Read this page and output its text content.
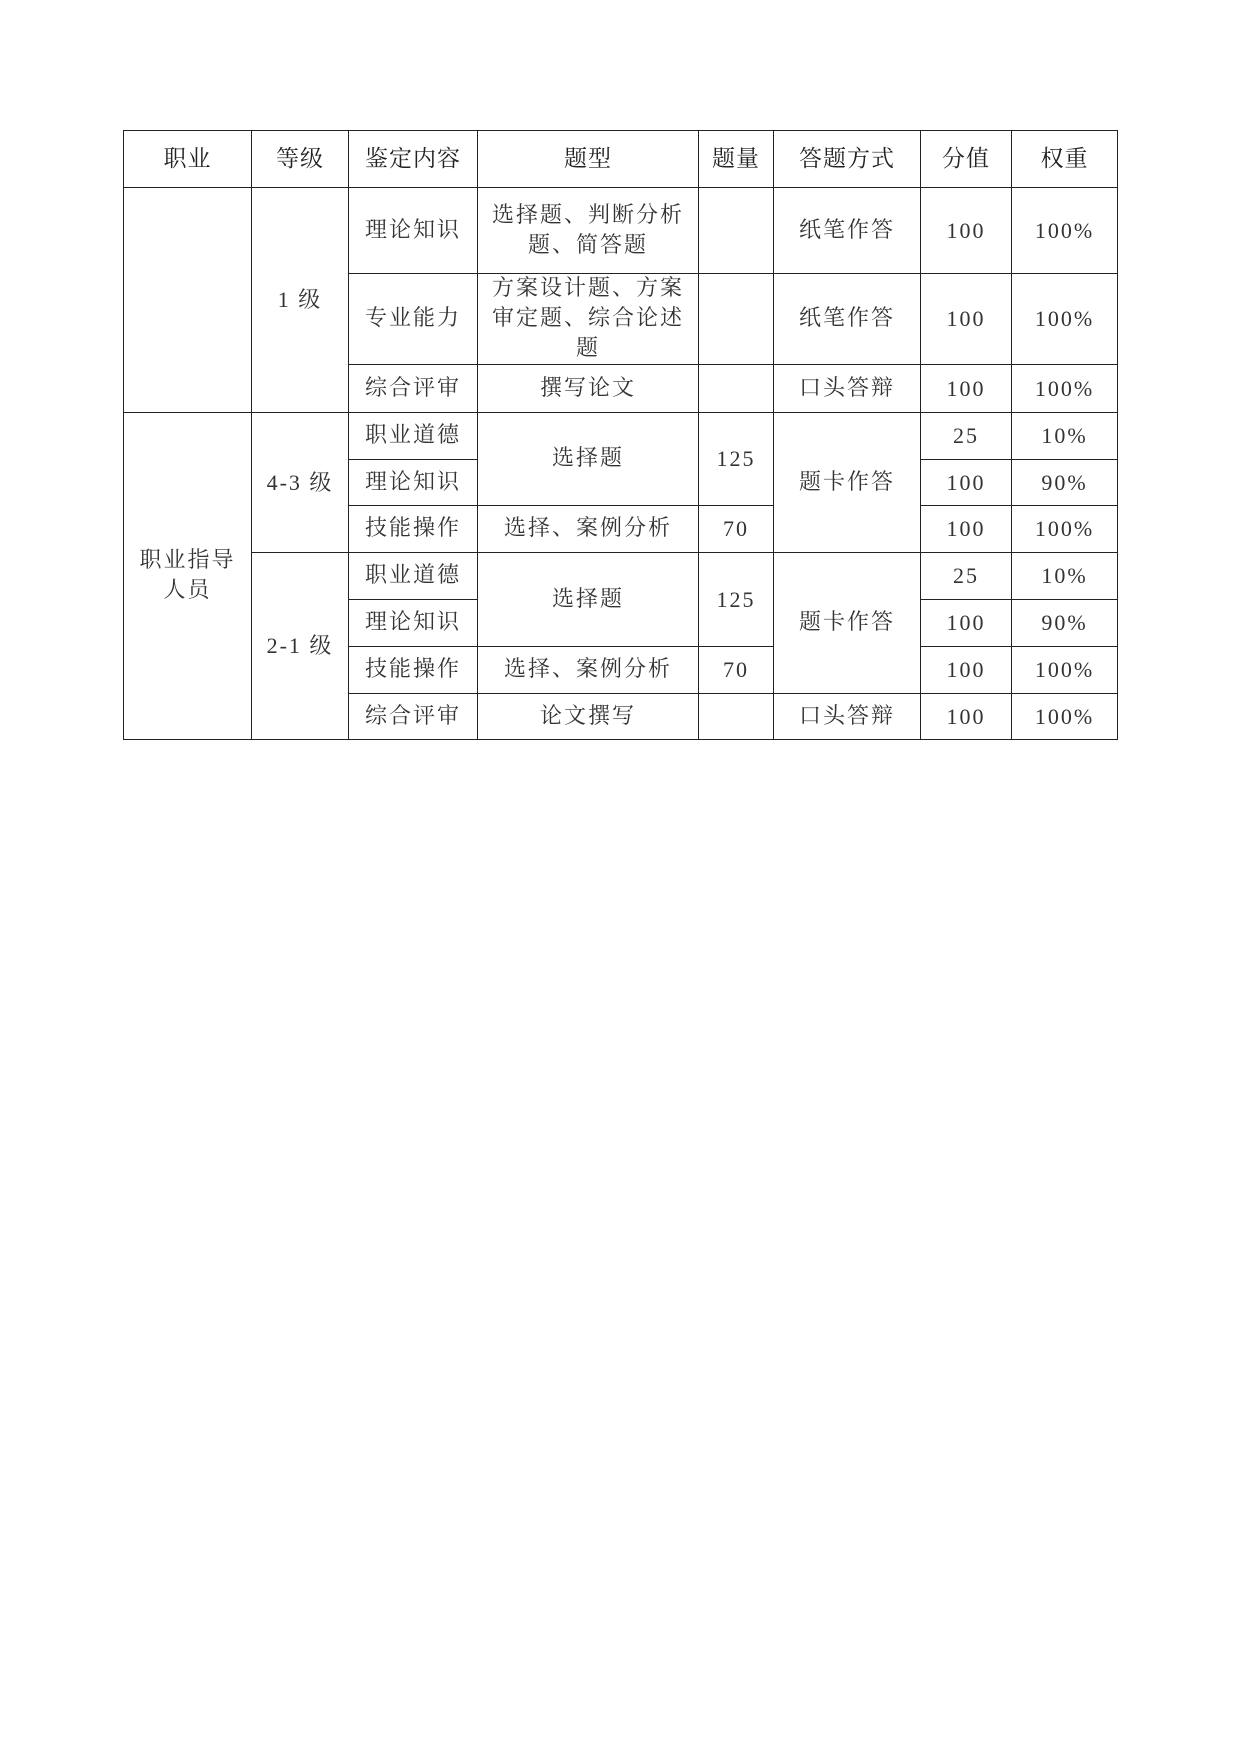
职业	等级	鉴定内容	题型	题量	答题方式	分值	权重
	1 级	理论知识	选择题、判断分析题、简答题		纸笔作答	100	100%
		专业能力	方案设计题、方案审定题、综合论述题		纸笔作答	100	100%
		综合评审	撰写论文		口头答辩	100	100%
职业指导人员	4-3 级	职业道德	选择题	125	题卡作答	25	10%
		理论知识				100	90%
		技能操作	选择、案例分析	70		100	100%
	2-1 级	职业道德	选择题	125	题卡作答	25	10%
		理论知识				100	90%
		技能操作	选择、案例分析	70		100	100%
		综合评审	论文撰写		口头答辩	100	100%
